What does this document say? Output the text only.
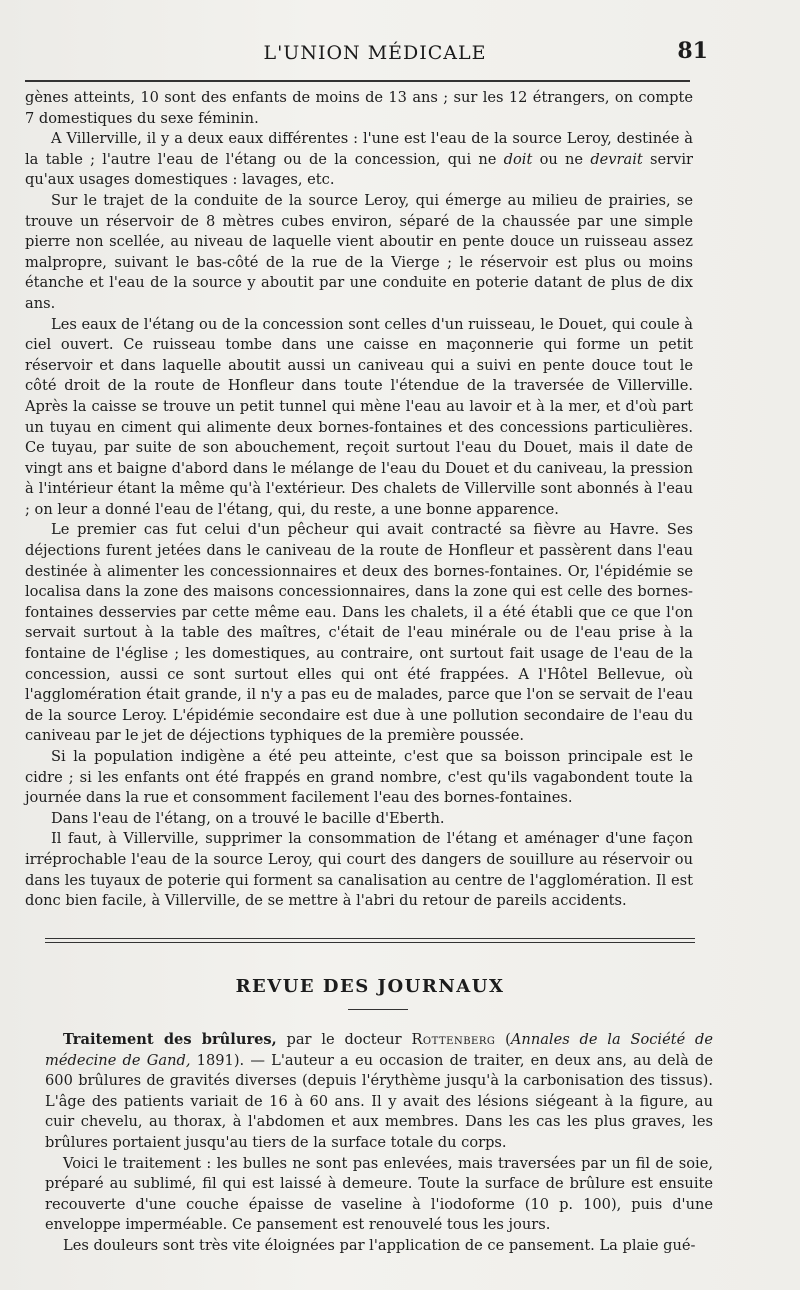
L'UNION MÉDICALE	81

gènes atteints, 10 sont des enfants de moins de 13 ans ; sur les 12 étrangers, on compte 7 domestiques du sexe féminin.

A Villerville, il y a deux eaux différentes : l'une est l'eau de la source Leroy, destinée à la table ; l'autre l'eau de l'étang ou de la concession, qui ne doit ou ne devrait servir qu'aux usages domestiques : lavages, etc.

Sur le trajet de la conduite de la source Leroy, qui émerge au milieu de prairies, se trouve un réservoir de 8 mètres cubes environ, séparé de la chaussée par une simple pierre non scellée, au niveau de laquelle vient aboutir en pente douce un ruisseau assez malpropre, suivant le bas-côté de la rue de la Vierge ; le réservoir est plus ou moins étanche et l'eau de la source y aboutit par une conduite en poterie datant de plus de dix ans.

Les eaux de l'étang ou de la concession sont celles d'un ruisseau, le Douet, qui coule à ciel ouvert. Ce ruisseau tombe dans une caisse en maçonnerie qui forme un petit réservoir et dans laquelle aboutit aussi un caniveau qui a suivi en pente douce tout le côté droit de la route de Honfleur dans toute l'étendue de la traversée de Villerville. Après la caisse se trouve un petit tunnel qui mène l'eau au lavoir et à la mer, et d'où part un tuyau en ciment qui alimente deux bornes-fontaines et des concessions particulières. Ce tuyau, par suite de son abouchement, reçoit surtout l'eau du Douet, mais il date de vingt ans et baigne d'abord dans le mélange de l'eau du Douet et du caniveau, la pression à l'intérieur étant la même qu'à l'extérieur. Des chalets de Villerville sont abonnés à l'eau ; on leur a donné l'eau de l'étang, qui, du reste, a une bonne apparence.

Le premier cas fut celui d'un pêcheur qui avait contracté sa fièvre au Havre. Ses déjections furent jetées dans le caniveau de la route de Honfleur et passèrent dans l'eau destinée à alimenter les concessionnaires et deux des bornes-fontaines. Or, l'épidémie se localisa dans la zone des maisons concessionnaires, dans la zone qui est celle des bornes-fontaines desservies par cette même eau. Dans les chalets, il a été établi que ce que l'on servait surtout à la table des maîtres, c'était de l'eau minérale ou de l'eau prise à la fontaine de l'église ; les domestiques, au contraire, ont surtout fait usage de l'eau de la concession, aussi ce sont surtout elles qui ont été frappées. A l'Hôtel Bellevue, où l'agglomération était grande, il n'y a pas eu de malades, parce que l'on se servait de l'eau de la source Leroy. L'épidémie secondaire est due à une pollution secondaire de l'eau du caniveau par le jet de déjections typhiques de la première poussée.

Si la population indigène a été peu atteinte, c'est que sa boisson principale est le cidre ; si les enfants ont été frappés en grand nombre, c'est qu'ils vagabondent toute la journée dans la rue et consomment facilement l'eau des bornes-fontaines.

Dans l'eau de l'étang, on a trouvé le bacille d'Eberth.

Il faut, à Villerville, supprimer la consommation de l'étang et aménager d'une façon irréprochable l'eau de la source Leroy, qui court des dangers de souillure au réservoir ou dans les tuyaux de poterie qui forment sa canalisation au centre de l'agglomération. Il est donc bien facile, à Villerville, de se mettre à l'abri du retour de pareils accidents.

REVUE DES JOURNAUX

Traitement des brûlures, par le docteur Rottenberg (Annales de la Société de médecine de Gand, 1891). — L'auteur a eu occasion de traiter, en deux ans, au delà de 600 brûlures de gravités diverses (depuis l'érythème jusqu'à la carbonisation des tissus). L'âge des patients variait de 16 à 60 ans. Il y avait des lésions siégeant à la figure, au cuir chevelu, au thorax, à l'abdomen et aux membres. Dans les cas les plus graves, les brûlures portaient jusqu'au tiers de la surface totale du corps.

Voici le traitement : les bulles ne sont pas enlevées, mais traversées par un fil de soie, préparé au sublimé, fil qui est laissé à demeure. Toute la surface de brûlure est ensuite recouverte d'une couche épaisse de vaseline à l'iodoforme (10 p. 100), puis d'une enveloppe imperméable. Ce pansement est renouvelé tous les jours.

Les douleurs sont très vite éloignées par l'application de ce pansement. La plaie gué-
